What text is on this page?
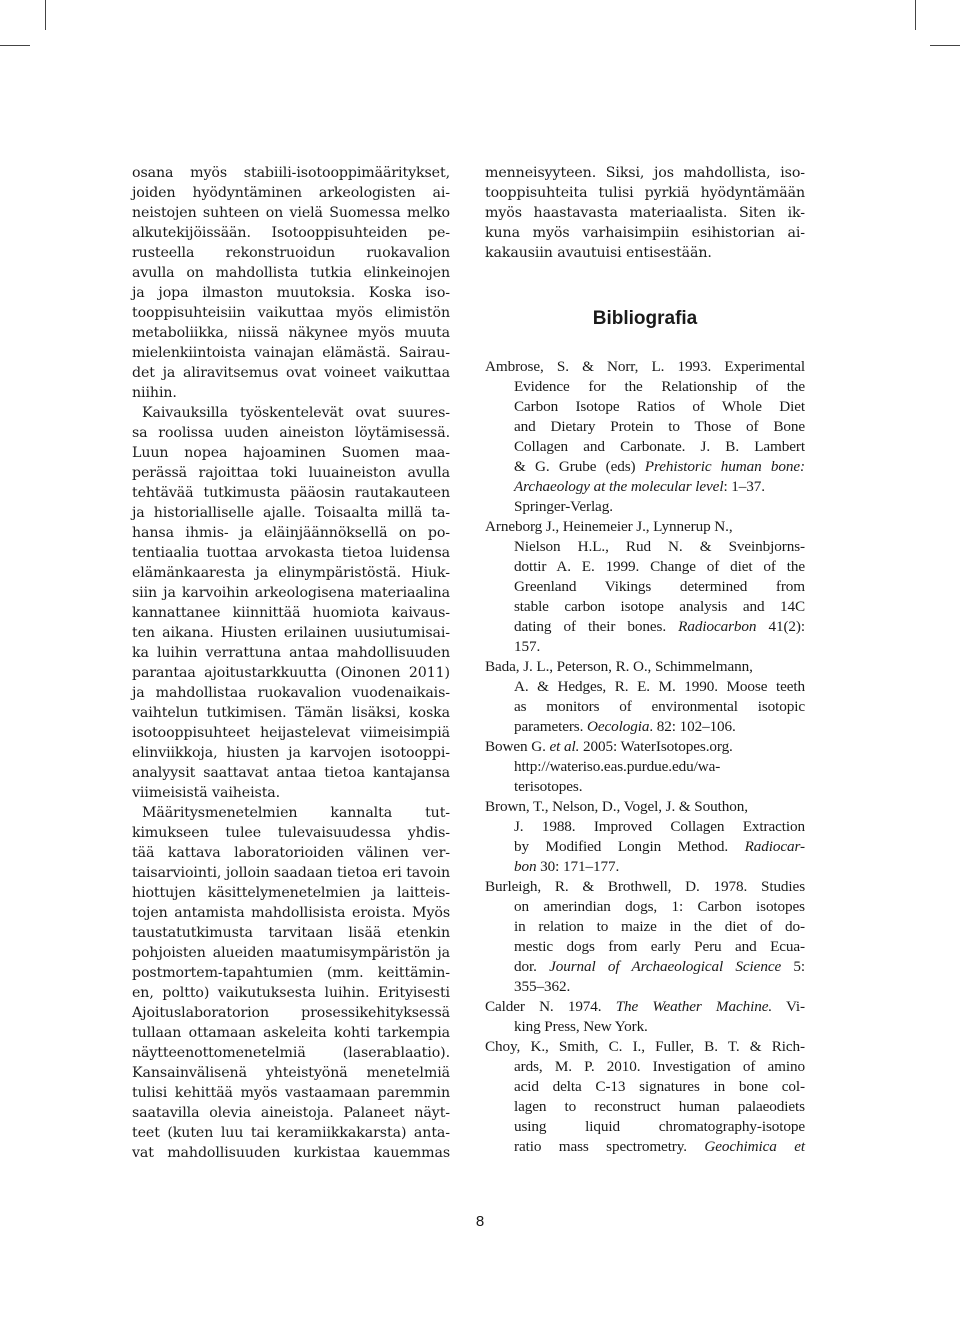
osana myös stabiili-isotooppimääritykset,
joiden hyödyntäminen arkeologisten ai-
neistojen suhteen on vielä Suomessa melko
alkutekijöissään. Isotooppisuhteiden pe-
rusteella rekonstruoidun ruokavalion
avulla on mahdollista tutkia elinkeinojen
ja jopa ilmaston muutoksia. Koska iso-
tooppisuhteisiin vaikuttaa myös elimistön
metaboliikka, niissä näkynee myös muuta
mielenkiintoista vainajan elämästä. Sairau-
det ja aliravitsemus ovat voineet vaikuttaa
niihin.
Kaivauksilla työskentelevät ovat suures-
sa roolissa uuden aineiston löytämisessä.
Luun nopea hajoaminen Suomen maa-
perässä rajoittaa toki luuaineiston avulla
tehtävää tutkimusta pääosin rautakauteen
ja historialliselle ajalle. Toisaalta millä ta-
hansa ihmis- ja eläinjäännöksellä on po-
tentiaalia tuottaa arvokasta tietoa luidensa
elämänkaaresta ja elinympäristöstä. Hiuk-
siin ja karvoihin arkeologisena materiaalina
kannattanee kiinnittää huomiota kaivaus-
ten aikana. Hiusten erilainen uusiutumisai-
ka luihin verrattuna antaa mahdollisuuden
parantaa ajoitustarkkuutta (Oinonen 2011)
ja mahdollistaa ruokavalion vuodenaikais-
vaihtelun tutkimisen. Tämän lisäksi, koska
isotooppisuhteet heijastelevat viimeisimpiä
elinviikkoja, hiusten ja karvojen isotooppi-
analyysit saattavat antaa tietoa kantajansa
viimeisistä vaiheista.
Määritysmenetelmien kannalta tut-
kimukseen tulee tulevaisuudessa yhdis-
tää kattava laboratorioiden välinen ver-
taisarviointi, jolloin saadaan tietoa eri tavoin
hiottujen käsittelymenetelmien ja laitteis-
tojen antamista mahdollisista eroista. Myös
taustatutkimusta tarvitaan lisää etenkin
pohjoisten alueiden maatumisympäristön ja
postmortem-tapahtumien (mm. keittämin-
en, poltto) vaikutuksesta luihin. Erityisesti
Ajoituslaboratorion prosessikehityksessä
tullaan ottamaan askeleita kohti tarkempia
näytteenottomenetelmiä (laserablaatio).
Kansainvälisenä yhteistyönä menetelmiä
tulisi kehittää myös vastaamaan paremmin
saatavilla olevia aineistoja. Palaneet näyt-
teet (kuten luu tai keramiikkakarsta) anta-
vat mahdollisuuden kurkistaa kauemmas
menneisyyteen. Siksi, jos mahdollista, iso-
tooppisuhteita tulisi pyrkiä hyödyntämään
myös haastavasta materiaalista. Siten ik-
kuna myös varhaisimpiin esihistorian ai-
kakausiin avautuisi entisestään.
Bibliografia
Ambrose, S. & Norr, L. 1993. Experimental
Evidence for the Relationship of the
Carbon Isotope Ratios of Whole Diet
and Dietary Protein to Those of Bone
Collagen and Carbonate. J. B. Lambert
& G. Grube (eds) Prehistoric human bone:
Archaeology at the molecular level: 1–37.
Springer-Verlag.
Arneborg J., Heinemeier J., Lynnerup N.,
Nielson H.L., Rud N. & Sveinbjorns-
dottir A. E. 1999. Change of diet of the
Greenland Vikings determined from
stable carbon isotope analysis and 14C
dating of their bones. Radiocarbon 41(2):
157.
Bada, J. L., Peterson, R. O., Schimmelmann,
A. & Hedges, R. E. M. 1990. Moose teeth
as monitors of environmental isotopic
parameters. Oecologia. 82: 102–106.
Bowen G. et al. 2005: WaterIsotopes.org.
http://wateriso.eas.purdue.edu/wa-
terisotopes.
Brown, T., Nelson, D., Vogel, J. & Southon,
J. 1988. Improved Collagen Extraction
by Modified Longin Method. Radiocar-
bon 30: 171–177.
Burleigh, R. & Brothwell, D. 1978. Studies
on amerindian dogs, 1: Carbon isotopes
in relation to maize in the diet of do-
mestic dogs from early Peru and Ecua-
dor. Journal of Archaeological Science 5:
355–362.
Calder N. 1974. The Weather Machine. Vi-
king Press, New York.
Choy, K., Smith, C. I., Fuller, B. T. & Rich-
ards, M. P. 2010. Investigation of amino
acid delta C-13 signatures in bone col-
lagen to reconstruct human palaeodiets
using liquid chromatography-isotope
ratio mass spectrometry. Geochimica et
8
